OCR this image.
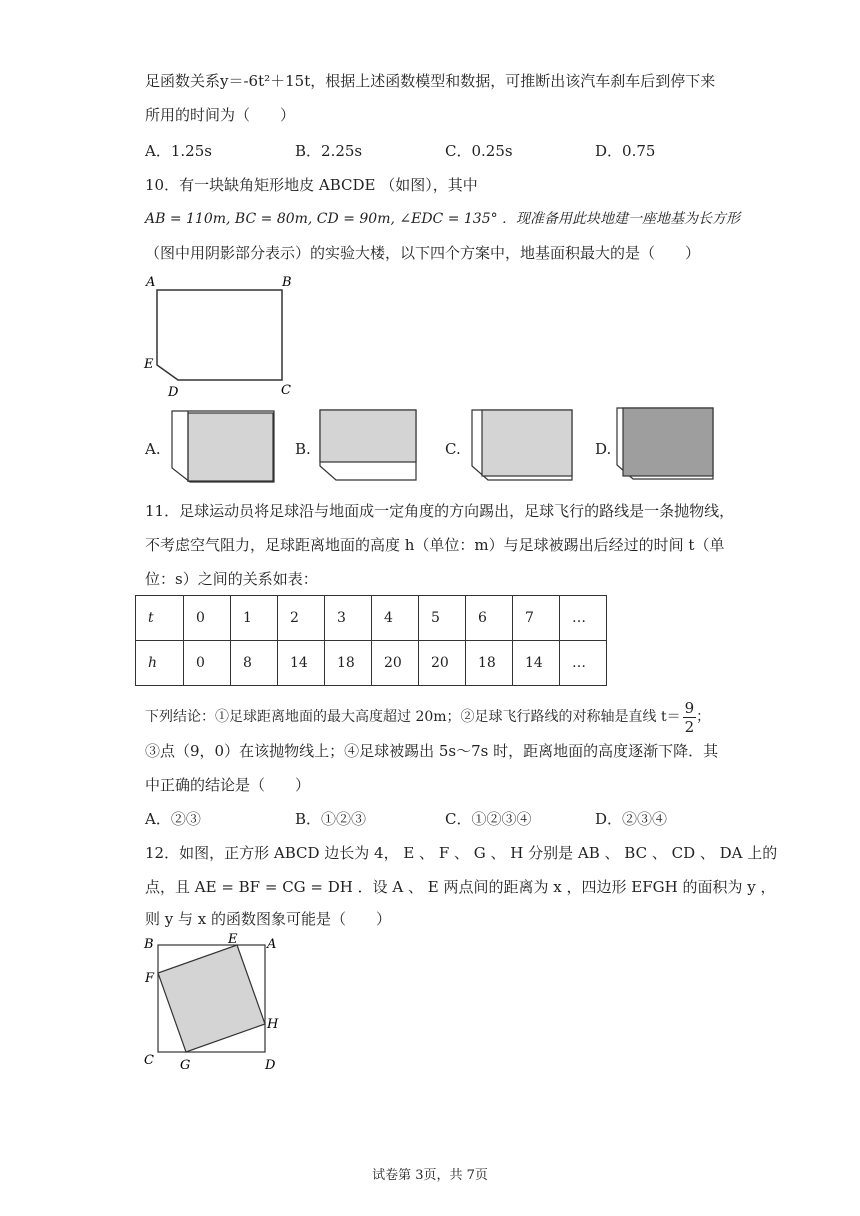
足函数关系y＝-6t²＋15t，根据上述函数模型和数据，可推断出该汽车刹车后到停下来
所用的时间为（　　）
A．1.25s	B．2.25s	C．0.25s	D．0.75
10．有一块缺角矩形地皮 ABCDE （如图），其中
AB = 110m, BC = 80m, CD = 90m, ∠EDC = 135° ．现准备用此块地建一座地基为长方形
（图中用阴影部分表示）的实验大楼，以下四个方案中，地基面积最大的是（　　）
A	B
C
D
E
A.	B.	C.	D.
11．足球运动员将足球沿与地面成一定角度的方向踢出，足球飞行的路线是一条抛物线，
不考虑空气阻力，足球距离地面的高度 h（单位：m）与足球被踢出后经过的时间 t（单
位：s）之间的关系如表：
t	0	1	2	3	4	5	6	7	…
h	0	8	14	18	20	20	18	14	…
下列结论：①足球距离地面的最大高度超过 20m；②足球飞行路线的对称轴是直线 $t= \frac{9}{2}$ ；
③点（9，0）在该抛物线上；④足球被踢出 5s～7s 时，距离地面的高度逐渐下降．其
中正确的结论是（　　）
A．②③	B．①②③	C．①②③④	D．②③④
12．如图，正方形 ABCD 边长为 4， E 、 F 、 G 、 H 分别是 AB 、 BC 、 CD 、 DA 上的
点，且 AE = BF = CG = DH ．设 A 、 E 两点间的距离为 x ，四边形 EFGH 的面积为 y ，
则 y 与 x 的函数图象可能是（　　）
B	E A
F
H
C G	D
试卷第 3页，共 7页
